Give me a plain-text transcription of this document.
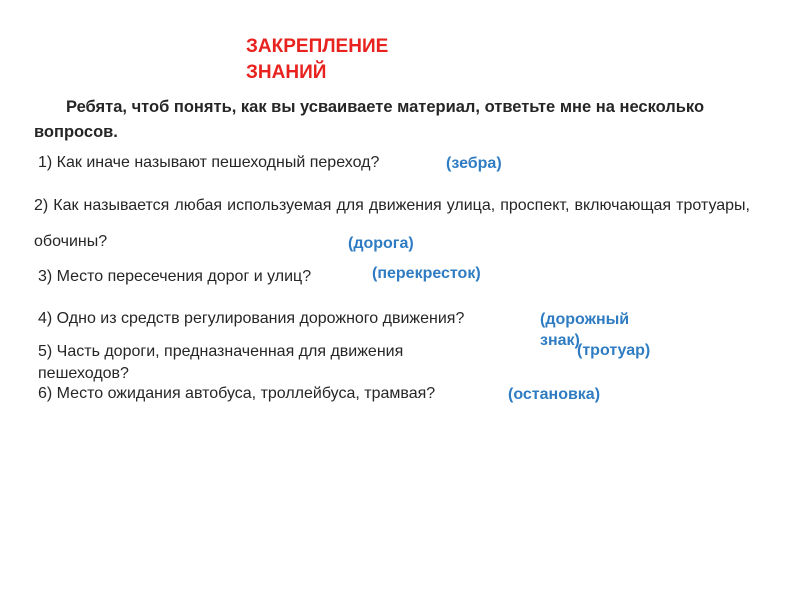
ЗАКРЕПЛЕНИЕ ЗНАНИЙ
Ребята, чтоб понять, как вы усваиваете материал, ответьте мне на несколько вопросов.
1) Как иначе называют пешеходный переход?
2) Как называется любая используемая для движения улица, проспект, включающая тротуары, обочины?
3) Место пересечения дорог и улиц?
4) Одно из средств регулирования дорожного движения?
5) Часть дороги, предназначенная для движения пешеходов?
6) Место ожидания автобуса, троллейбуса, трамвая?
(зебра)
(дорога)
(перекресток)
(дорожный знак)
(тротуар)
(остановка)
